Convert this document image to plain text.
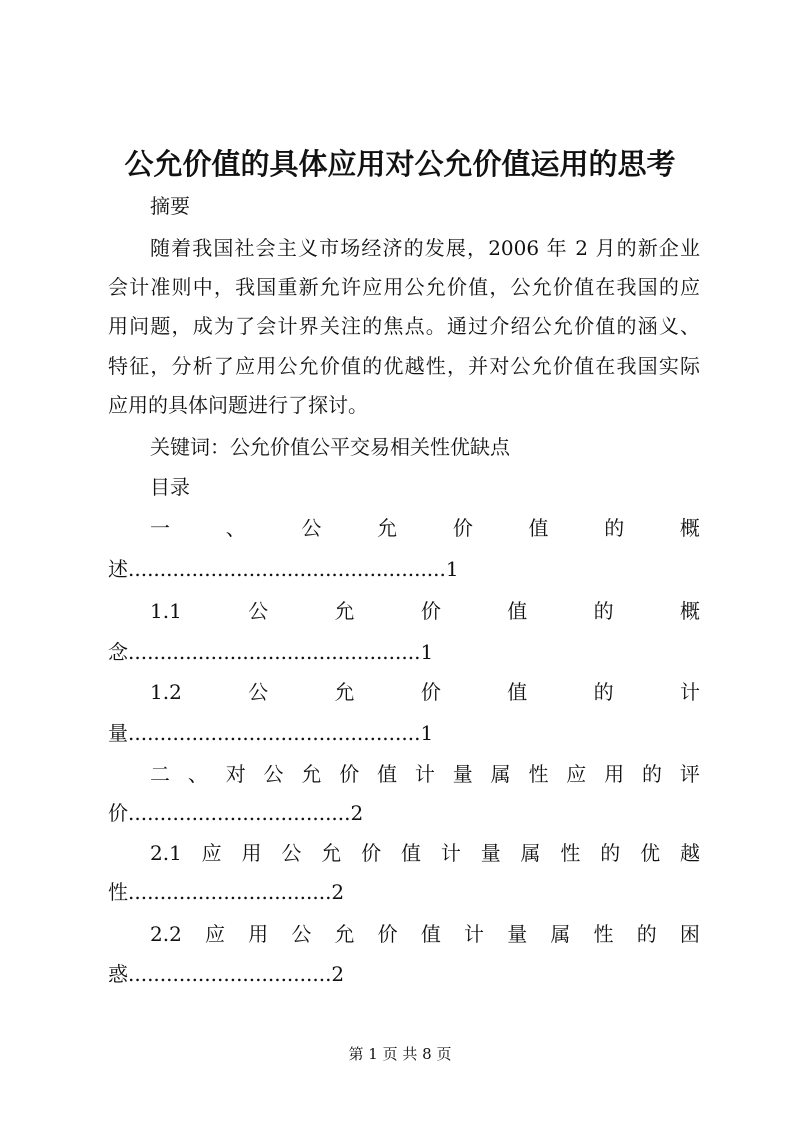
公允价值的具体应用对公允价值运用的思考
摘要
随着我国社会主义市场经济的发展，2006 年 2 月的新企业
会计准则中，我国重新允许应用公允价值，公允价值在我国的应
用问题，成为了会计界关注的焦点。通过介绍公允价值的涵义、
特征，分析了应用公允价值的优越性，并对公允价值在我国实际
应用的具体问题进行了探讨。
关键词：公允价值公平交易相关性优缺点
目录
一	、	公	允	价	值	的	概
述..................................................1
1.1	公	允	价	值	的	概
念..............................................1
1.2	公	允	价	值	的	计
量..............................................1
二 、 对 公 允 价 值 计 量 属 性 应 用 的 评
价...................................2
2.1 应 用 公 允 价 值 计 量 属 性 的 优 越
性................................2
2.2 应 用 公 允 价 值 计 量 属 性 的 困
惑................................2
第 1 页 共 8 页
